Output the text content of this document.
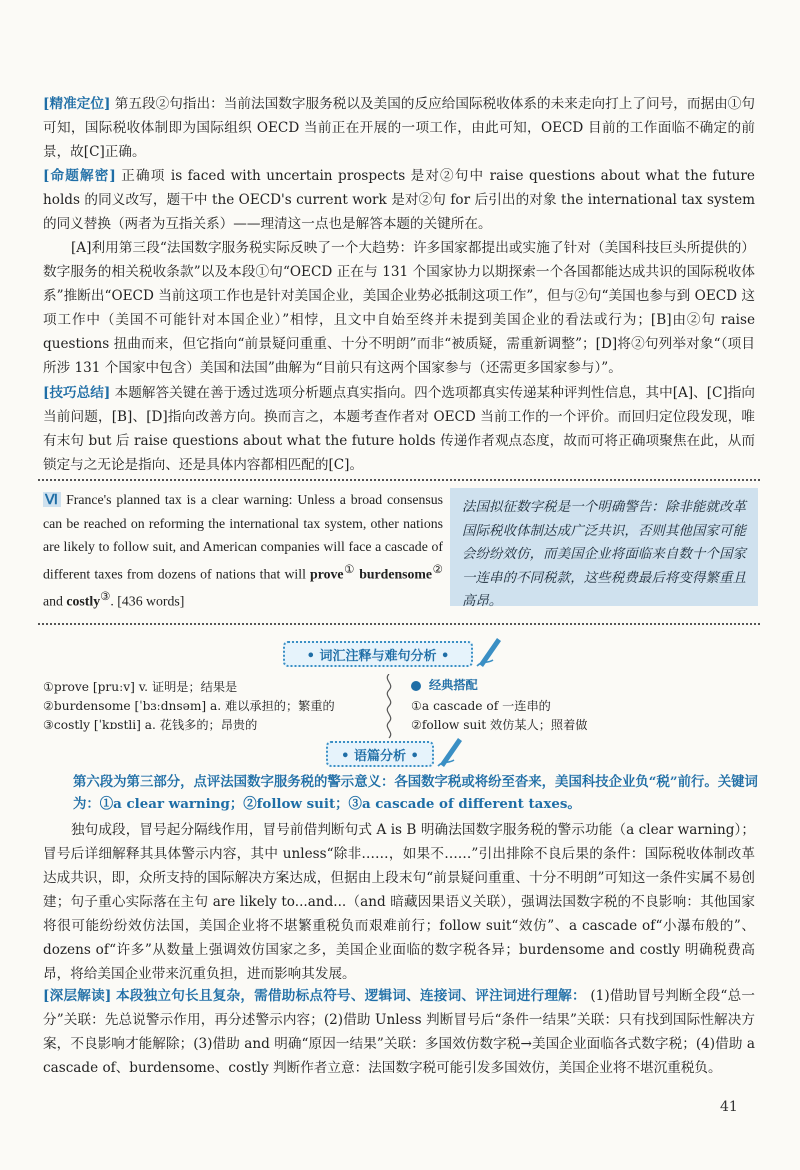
[精准定位] 第五段②句指出：当前法国数字服务税以及美国的反应给国际税收体系的未来走向打上了问号，而据由①句可知，国际税收体制即为国际组织 OECD 当前正在开展的一项工作，由此可知，OECD 目前的工作面临不确定的前景，故[C]正确。

[命题解密] 正确项 is faced with uncertain prospects 是对②句中 raise questions about what the future holds 的同义改写，题干中 the OECD's current work 是对②句 for 后引出的对象 the international tax system 的同义替换（两者为互指关系）——理清这一点也是解答本题的关键所在。

[A]利用第三段“法国数字服务税实际反映了一个大趋势：许多国家都提出或实施了针对（美国科技巨头所提供的）数字服务的相关税收条款”以及本段①句“OECD 正在与 131 个国家协力以期探索一个各国都能达成共识的国际税收体系”推断出“OECD 当前这项工作也是针对美国企业，美国企业势必抵制这项工作”，但与②句“美国也参与到 OECD 这项工作中（美国不可能针对本国企业）”相悖，且文中自始至终并未提到美国企业的看法或行为；[B]由②句 raise questions 扭曲而来，但它指向“前景疑问重重、十分不明朗”而非“被质疑，需重新调整”；[D]将②句列举对象“（项目所涉 131 个国家中包含）美国和法国”曲解为“目前只有这两个国家参与（还需更多国家参与）”。

[技巧总结] 本题解答关键在善于透过选项分析题点真实指向。四个选项都真实传递某种评判性信息，其中[A]、[C]指向当前问题，[B]、[D]指向改善方向。换而言之，本题考查作者对 OECD 当前工作的一个评价。而回归定位段发现，唯有末句 but 后 raise questions about what the future holds 传递作者观点态度，故而可将正确项聚焦在此，从而锁定与之无论是指向、还是具体内容都相匹配的[C]。

Ⅵ France's planned tax is a clear warning: Unless a broad consensus can be reached on reforming the international tax system, other nations are likely to follow suit, and American companies will face a cascade of different taxes from dozens of nations that will prove① burdensome② and costly③. [436 words]
法国拟征数字税是一个明确警告：除非能就改革国际税收体制达成广泛共识，否则其他国家可能会纷纷效仿，而美国企业将面临来自数十个国家一连串的不同税款，这些税费最后将变得繁重且高昂。
• 词汇注释与难句分析 •
①prove [pruːv] v. 证明是；结果是
②burdensome [ˈbɜːdnsəm] a. 难以承担的；繁重的
③costly [ˈkɒstli] a. 花钱多的；昂贵的
经典搭配
①a cascade of 一连串的
②follow suit 效仿某人；照着做
• 语篇分析 •

第六段为第三部分，点评法国数字服务税的警示意义：各国数字税或将纷至沓来，美国科技企业负“税”前行。关键词为：①a clear warning；②follow suit；③a cascade of different taxes。

独句成段，冒号起分隔线作用，冒号前借判断句式 A is B 明确法国数字服务税的警示功能（a clear warning）；冒号后详细解释其具体警示内容，其中 unless“除非……，如果不……”引出排除不良后果的条件：国际税收体制改革达成共识，即，众所支持的国际解决方案达成，但据由上段末句“前景疑问重重、十分不明朗”可知这一条件实属不易创建；句子重心实际落在主句 are likely to...and...（and 暗藏因果语义关联），强调法国数字税的不良影响：其他国家将很可能纷纷效仿法国，美国企业将不堪繁重税负而艰难前行；follow suit“效仿”、a cascade of“小瀑布般的”、dozens of“许多”从数量上强调效仿国家之多，美国企业面临的数字税各异；burdensome and costly 明确税费高昂，将给美国企业带来沉重负担，进而影响其发展。

[深层解读] 本段独立句长且复杂，需借助标点符号、逻辑词、连接词、评注词进行理解： (1)借助冒号判断全段“总一分”关联：先总说警示作用，再分述警示内容；(2)借助 Unless 判断冒号后“条件一结果”关联：只有找到国际性解决方案，不良影响才能解除；(3)借助 and 明确“原因一结果”关联：多国效仿数字税→美国企业面临各式数字税；(4)借助 a cascade of、burdensome、costly 判断作者立意：法国数字税可能引发多国效仿，美国企业将不堪沉重税负。

41
